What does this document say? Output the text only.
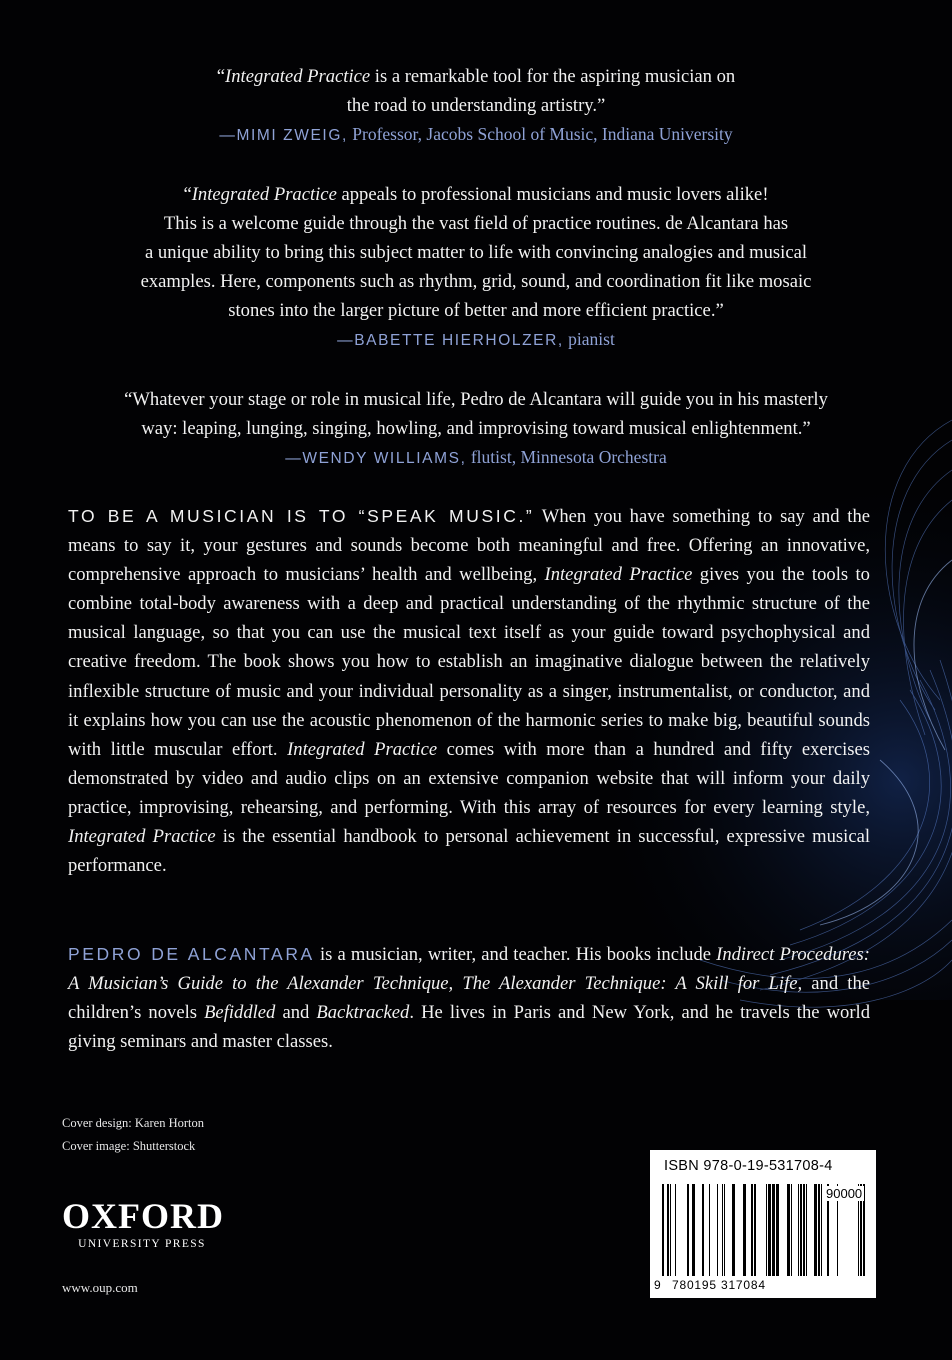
“Integrated Practice is a remarkable tool for the aspiring musician on

the road to understanding artistry.”

—MIMI ZWEIG, Professor, Jacobs School of Music, Indiana University

“Integrated Practice appeals to professional musicians and music lovers alike!

This is a welcome guide through the vast field of practice routines. de Alcantara has

a unique ability to bring this subject matter to life with convincing analogies and musical

examples. Here, components such as rhythm, grid, sound, and coordination fit like mosaic

stones into the larger picture of better and more efficient practice.”

—BABETTE HIERHOLZER, pianist

“Whatever your stage or role in musical life, Pedro de Alcantara will guide you in his masterly

way: leaping, lunging, singing, howling, and improvising toward musical enlightenment.”

—WENDY WILLIAMS, flutist, Minnesota Orchestra

TO BE A MUSICIAN IS TO “SPEAK MUSIC.” When you have something to say and the means to say it, your gestures and sounds become both meaningful and free. Offering an innovative, comprehensive approach to musicians’ health and wellbeing, Integrated Practice gives you the tools to combine total-body awareness with a deep and practical understanding of the rhythmic structure of the musical language, so that you can use the musical text itself as your guide toward psychophysical and creative freedom. The book shows you how to establish an imaginative dialogue between the relatively inflexible structure of music and your individual personality as a singer, instrumentalist, or conductor, and it explains how you can use the acoustic phenomenon of the harmonic series to make big, beautiful sounds with little muscular effort. Integrated Practice comes with more than a hundred and fifty exercises demonstrated by video and audio clips on an extensive companion website that will inform your daily practice, improvising, rehearsing, and performing. With this array of resources for every learning style, Integrated Practice is the essential handbook to personal achievement in successful, expressive musical performance.

PEDRO DE ALCANTARA is a musician, writer, and teacher. His books include Indirect Procedures: A Musician’s Guide to the Alexander Technique, The Alexander Technique: A Skill for Life, and the children’s novels Befiddled and Backtracked. He lives in Paris and New York, and he travels the world giving seminars and master classes.

Cover design: Karen Horton
Cover image: Shutterstock
OXFORD
UNIVERSITY PRESS
www.oup.com
ISBN 978-0-19-531708-4
90000
9 780195 317084
